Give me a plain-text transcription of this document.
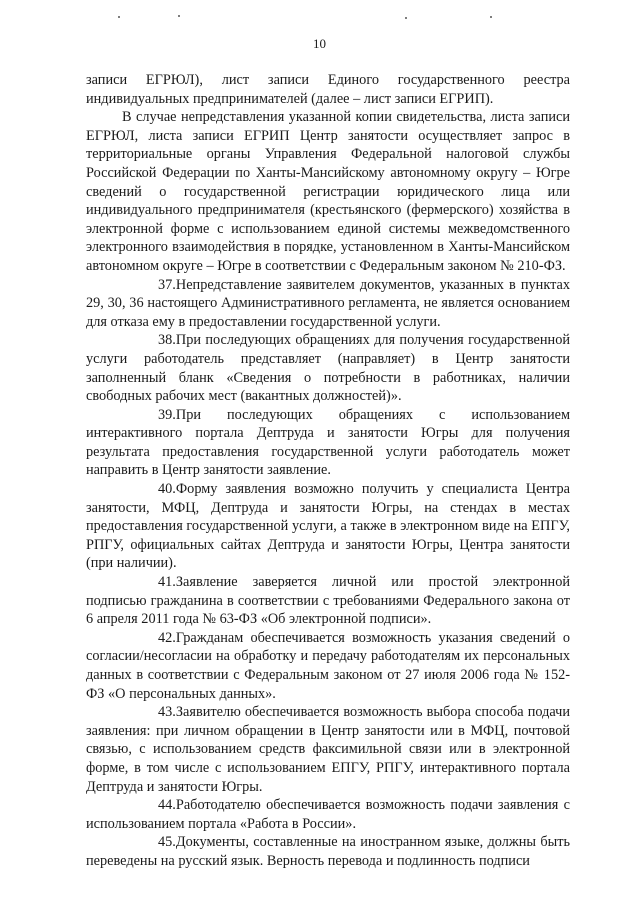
10

записи ЕГРЮЛ), лист записи Единого государственного реестра индивидуальных предпринимателей (далее – лист записи ЕГРИП).

В случае непредставления указанной копии свидетельства, листа записи ЕГРЮЛ, листа записи ЕГРИП Центр занятости осуществляет запрос в территориальные органы Управления Федеральной налоговой службы Российской Федерации по Ханты-Мансийскому автономному округу – Югре сведений о государственной регистрации юридического лица или индивидуального предпринимателя (крестьянского (фермерского) хозяйства в электронной форме с использованием единой системы межведомственного электронного взаимодействия в порядке, установленном в Ханты-Мансийском автономном округе – Югре в соответствии с Федеральным законом № 210-ФЗ.

37.Непредставление заявителем документов, указанных в пунктах 29, 30, 36 настоящего Административного регламента, не является основанием для отказа ему в предоставлении государственной услуги.

38.При последующих обращениях для получения государственной услуги работодатель представляет (направляет) в Центр занятости заполненный бланк «Сведения о потребности в работниках, наличии свободных рабочих мест (вакантных должностей)».

39.При последующих обращениях с использованием интерактивного портала Дептруда и занятости Югры для получения результата предоставления государственной услуги работодатель может направить в Центр занятости заявление.

40.Форму заявления возможно получить у специалиста Центра занятости, МФЦ, Дептруда и занятости Югры, на стендах в местах предоставления государственной услуги, а также в электронном виде на ЕПГУ, РПГУ, официальных сайтах Дептруда и занятости Югры, Центра занятости (при наличии).

41.Заявление заверяется личной или простой электронной подписью гражданина в соответствии с требованиями Федерального закона от 6 апреля 2011 года № 63-ФЗ «Об электронной подписи».

42.Гражданам обеспечивается возможность указания сведений о согласии/несогласии на обработку и передачу работодателям их персональных данных в соответствии с Федеральным законом от 27 июля 2006 года № 152-ФЗ «О персональных данных».

43.Заявителю обеспечивается возможность выбора способа подачи заявления: при личном обращении в Центр занятости или в МФЦ, почтовой связью, с использованием средств факсимильной связи или в электронной форме, в том числе с использованием ЕПГУ, РПГУ, интерактивного портала Дептруда и занятости Югры.

44.Работодателю обеспечивается возможность подачи заявления с использованием портала «Работа в России».

45.Документы, составленные на иностранном языке, должны быть переведены на русский язык. Верность перевода и подлинность подписи
